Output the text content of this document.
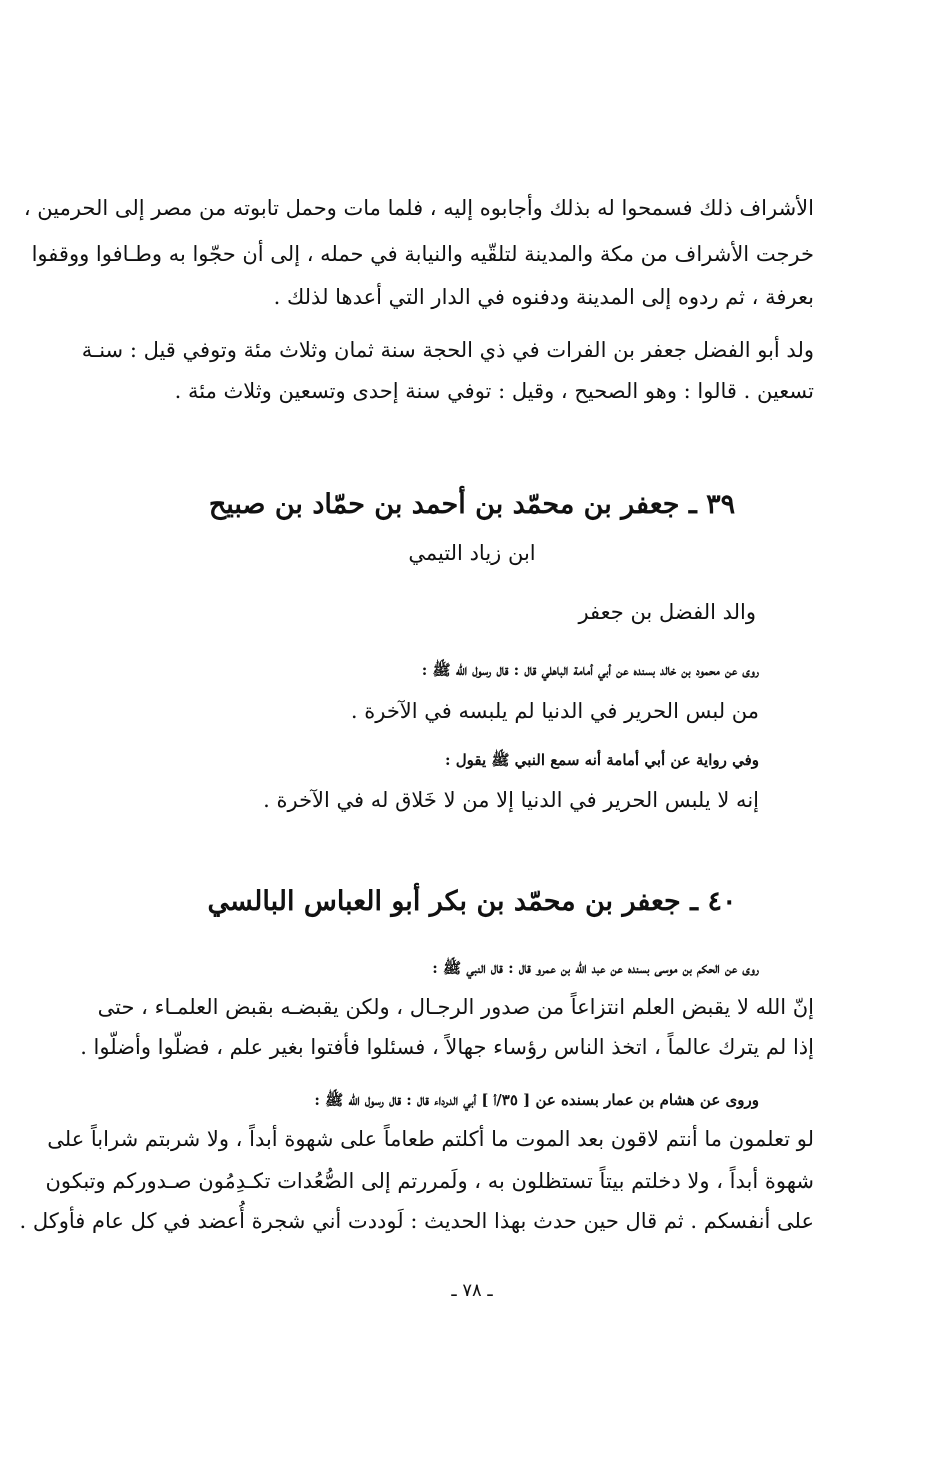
الأشراف ذلك فسمحوا له بذلك وأجابوه إليه ، فلما مات وحمل تابوته من مصر إلى الحرمين ،
خرجت الأشراف من مكة والمدينة لتلقّيه والنيابة في حمله ، إلى أن حجّوا به وطـافوا ووقفوا
بعرفة ، ثم ردوه إلى المدينة ودفنوه في الدار التي أعدها لذلك .
ولد أبو الفضل جعفر بن الفرات في ذي الحجة سنة ثمان وثلاث مئة وتوفي قيل : سنـة
تسعين . قالوا : وهو الصحيح ، وقيل : توفي سنة إحدى وتسعين وثلاث مئة .
٣٩ ـ جعفر بن محمّد بن أحمد بن حمّاد بن صبيح
ابن زياد التيمي
والد الفضل بن جعفر
روى عن محمود بن خالد بسنده عن أبي أمامة الباهلي قال : قال رسول الله ﷺ :
من لبس الحرير في الدنيا لم يلبسه في الآخرة .
وفي رواية عن أبي أمامة أنه سمع النبي ﷺ يقول :
إنه لا يلبس الحرير في الدنيا إلا من لا خَلاق له في الآخرة .
٤٠ ـ جعفر بن محمّد بن بكر أبو العباس البالسي
روى عن الحكم بن موسى بسنده عن عبد الله بن عمرو قال : قال النبي ﷺ :
إنّ الله لا يقبض العلم انتزاعاً من صدور الرجـال ، ولكن يقبضـه بقبض العلمـاء ، حتى
إذا لم يترك عالماً ، اتخذ الناس رؤساء جهالاً ، فسئلوا فأفتوا بغير علم ، فضلّوا وأضلّوا .
وروى عن هشام بن عمار بسنده عن [ ٣٥/أ ] أبي الدرداء قال : قال رسول الله ﷺ :
لو تعلمون ما أنتم لاقون بعد الموت ما أكلتم طعاماً على شهوة أبداً ، ولا شربتم شراباً على
شهوة أبداً ، ولا دخلتم بيتاً تستظلون به ، ولَمررتم إلى الصُّعُدات تكـدِمُون صـدوركم وتبكون
على أنفسكم . ثم قال حين حدث بهذا الحديث : لَوددت أني شجرة أُعضد في كل عام فأوكل .
ـ ٧٨ ـ
